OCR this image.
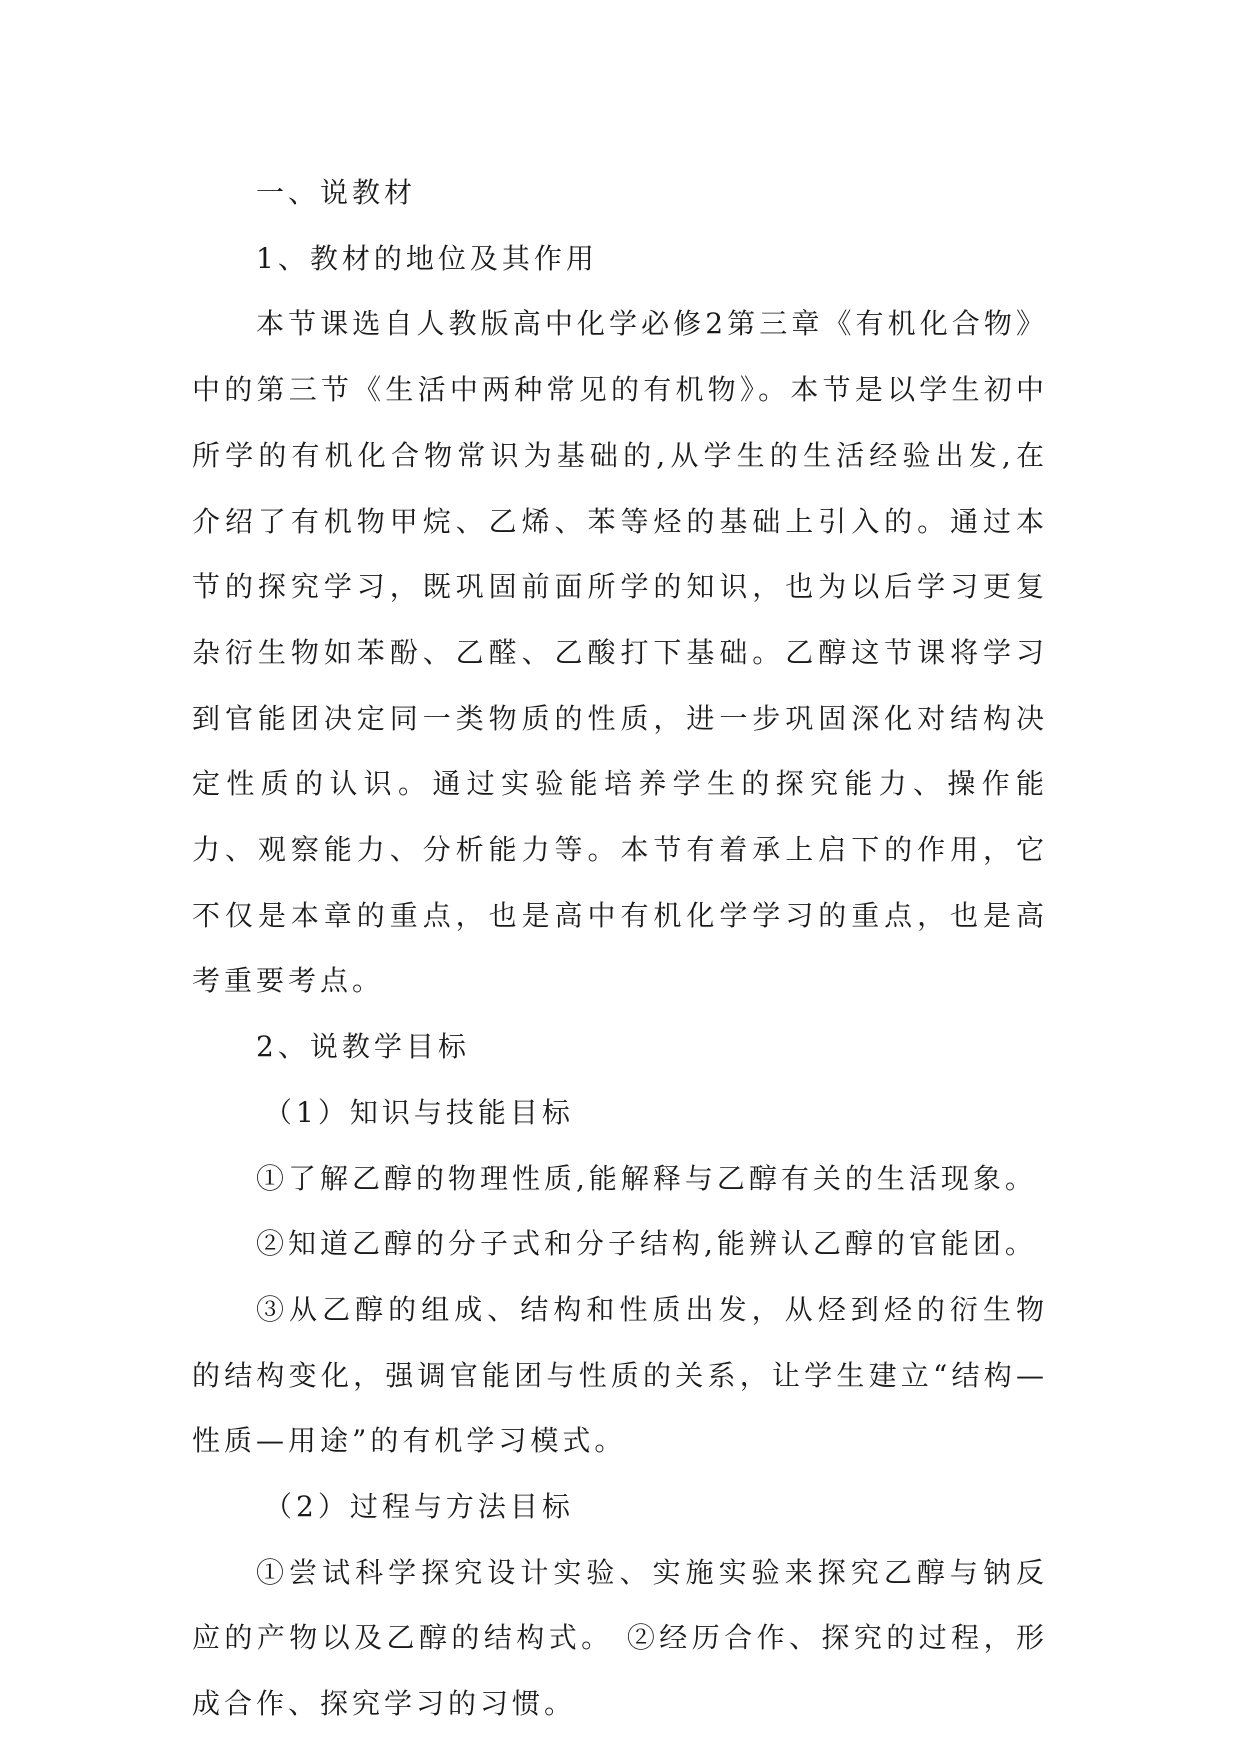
一、说教材

1、教材的地位及其作用

本节课选自人教版高中化学必修2第三章《有机化合物》中的第三节《生活中两种常见的有机物》。本节是以学生初中所学的有机化合物常识为基础的,从学生的生活经验出发,在介绍了有机物甲烷、乙烯、苯等烃的基础上引入的。通过本节的探究学习，既巩固前面所学的知识，也为以后学习更复杂衍生物如苯酚、乙醛、乙酸打下基础。乙醇这节课将学习到官能团决定同一类物质的性质，进一步巩固深化对结构决定性质的认识。通过实验能培养学生的探究能力、操作能力、观察能力、分析能力等。本节有着承上启下的作用，它不仅是本章的重点，也是高中有机化学学习的重点，也是高考重要考点。

2、说教学目标

（1）知识与技能目标

①了解乙醇的物理性质,能解释与乙醇有关的生活现象。

②知道乙醇的分子式和分子结构,能辨认乙醇的官能团。

③从乙醇的组成、结构和性质出发，从烃到烃的衍生物的结构变化，强调官能团与性质的关系，让学生建立“结构—性质—用途”的有机学习模式。

（2）过程与方法目标

①尝试科学探究设计实验、实施实验来探究乙醇与钠反应的产物以及乙醇的结构式。 ②经历合作、探究的过程，形成合作、探究学习的习惯。
